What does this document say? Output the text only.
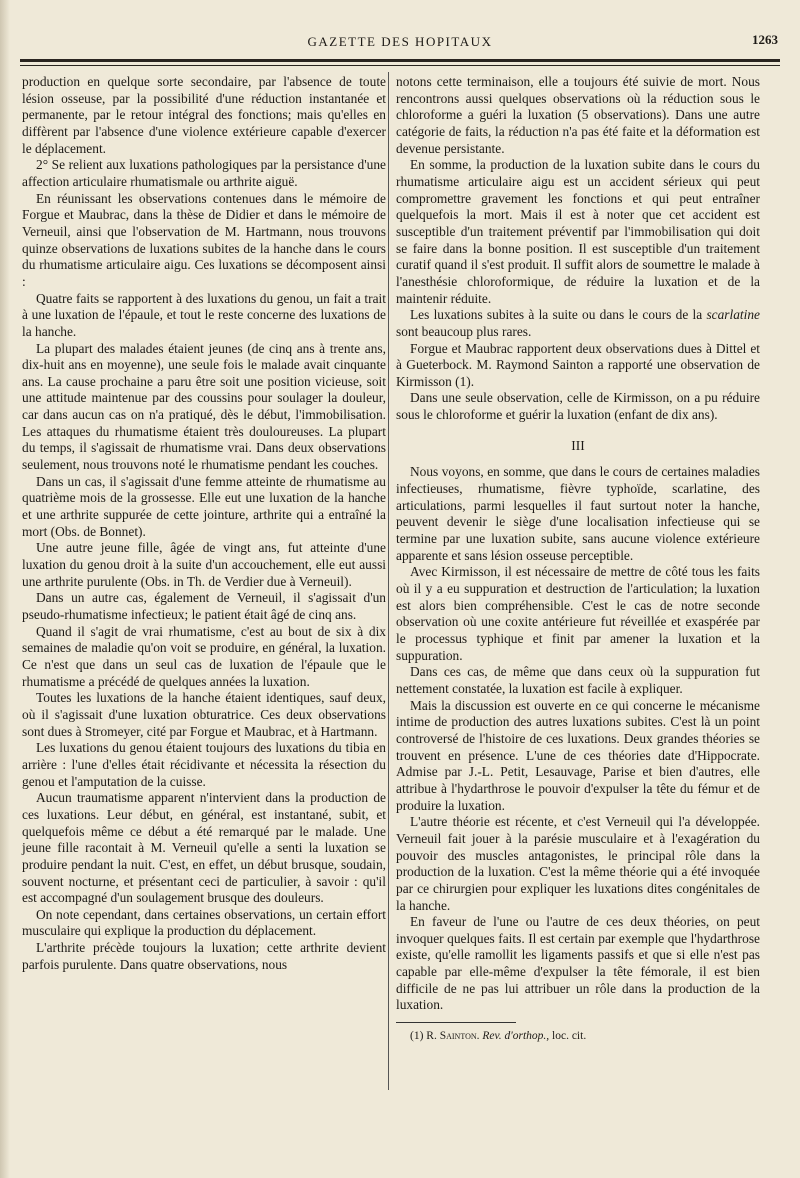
GAZETTE DES HOPITAUX	1263

production en quelque sorte secondaire, par l'absence de toute lésion osseuse, par la possibilité d'une réduction instantanée et permanente, par le retour intégral des fonctions; mais qu'elles en diffèrent par l'absence d'une violence extérieure capable d'exercer le déplacement.

2° Se relient aux luxations pathologiques par la persistance d'une affection articulaire rhumatismale ou arthrite aiguë.

En réunissant les observations contenues dans le mémoire de Forgue et Maubrac, dans la thèse de Didier et dans le mémoire de Verneuil, ainsi que l'observation de M. Hartmann, nous trouvons quinze observations de luxations subites de la hanche dans le cours du rhumatisme articulaire aigu. Ces luxations se décomposent ainsi :

Quatre faits se rapportent à des luxations du genou, un fait a trait à une luxation de l'épaule, et tout le reste concerne des luxations de la hanche.

La plupart des malades étaient jeunes (de cinq ans à trente ans, dix-huit ans en moyenne), une seule fois le malade avait cinquante ans. La cause prochaine a paru être soit une position vicieuse, soit une attitude maintenue par des coussins pour soulager la douleur, car dans aucun cas on n'a pratiqué, dès le début, l'immobilisation. Les attaques du rhumatisme étaient très douloureuses. La plupart du temps, il s'agissait de rhumatisme vrai. Dans deux observations seulement, nous trouvons noté le rhumatisme pendant les couches.

Dans un cas, il s'agissait d'une femme atteinte de rhumatisme au quatrième mois de la grossesse. Elle eut une luxation de la hanche et une arthrite suppurée de cette jointure, arthrite qui a entraîné la mort (Obs. de Bonnet).

Une autre jeune fille, âgée de vingt ans, fut atteinte d'une luxation du genou droit à la suite d'un accouchement, elle eut aussi une arthrite purulente (Obs. in Th. de Verdier due à Verneuil).

Dans un autre cas, également de Verneuil, il s'agissait d'un pseudo-rhumatisme infectieux; le patient était âgé de cinq ans.

Quand il s'agit de vrai rhumatisme, c'est au bout de six à dix semaines de maladie qu'on voit se produire, en général, la luxation. Ce n'est que dans un seul cas de luxation de l'épaule que le rhumatisme a précédé de quelques années la luxation.

Toutes les luxations de la hanche étaient identiques, sauf deux, où il s'agissait d'une luxation obturatrice. Ces deux observations sont dues à Stromeyer, cité par Forgue et Maubrac, et à Hartmann.

Les luxations du genou étaient toujours des luxations du tibia en arrière : l'une d'elles était récidivante et nécessita la résection du genou et l'amputation de la cuisse.

Aucun traumatisme apparent n'intervient dans la production de ces luxations. Leur début, en général, est instantané, subit, et quelquefois même ce début a été remarqué par le malade. Une jeune fille racontait à M. Verneuil qu'elle a senti la luxation se produire pendant la nuit. C'est, en effet, un début brusque, soudain, souvent nocturne, et présentant ceci de particulier, à savoir : qu'il est accompagné d'un soulagement brusque des douleurs.

On note cependant, dans certaines observations, un certain effort musculaire qui explique la production du déplacement.

L'arthrite précède toujours la luxation; cette arthrite devient parfois purulente. Dans quatre observations, nous

notons cette terminaison, elle a toujours été suivie de mort. Nous rencontrons aussi quelques observations où la réduction sous le chloroforme a guéri la luxation (5 observations). Dans une autre catégorie de faits, la réduction n'a pas été faite et la déformation est devenue persistante.

En somme, la production de la luxation subite dans le cours du rhumatisme articulaire aigu est un accident sérieux qui peut compromettre gravement les fonctions et qui peut entraîner quelquefois la mort. Mais il est à noter que cet accident est susceptible d'un traitement préventif par l'immobilisation qui doit se faire dans la bonne position. Il est susceptible d'un traitement curatif quand il s'est produit. Il suffit alors de soumettre le malade à l'anesthésie chloroformique, de réduire la luxation et de la maintenir réduite.

Les luxations subites à la suite ou dans le cours de la scarlatine sont beaucoup plus rares.

Forgue et Maubrac rapportent deux observations dues à Dittel et à Gueterbock. M. Raymond Sainton a rapporté une observation de Kirmisson (1).

Dans une seule observation, celle de Kirmisson, on a pu réduire sous le chloroforme et guérir la luxation (enfant de dix ans).

III

Nous voyons, en somme, que dans le cours de certaines maladies infectieuses, rhumatisme, fièvre typhoïde, scarlatine, des articulations, parmi lesquelles il faut surtout noter la hanche, peuvent devenir le siège d'une localisation infectieuse qui se termine par une luxation subite, sans aucune violence extérieure apparente et sans lésion osseuse perceptible.

Avec Kirmisson, il est nécessaire de mettre de côté tous les faits où il y a eu suppuration et destruction de l'articulation; la luxation est alors bien compréhensible. C'est le cas de notre seconde observation où une coxite antérieure fut réveillée et exaspérée par le processus typhique et finit par amener la luxation et la suppuration.

Dans ces cas, de même que dans ceux où la suppuration fut nettement constatée, la luxation est facile à expliquer.

Mais la discussion est ouverte en ce qui concerne le mécanisme intime de production des autres luxations subites. C'est là un point controversé de l'histoire de ces luxations. Deux grandes théories se trouvent en présence. L'une de ces théories date d'Hippocrate. Admise par J.-L. Petit, Lesauvage, Parise et bien d'autres, elle attribue à l'hydarthrose le pouvoir d'expulser la tête du fémur et de produire la luxation.

L'autre théorie est récente, et c'est Verneuil qui l'a développée. Verneuil fait jouer à la parésie musculaire et à l'exagération du pouvoir des muscles antagonistes, le principal rôle dans la production de la luxation. C'est la même théorie qui a été invoquée par ce chirurgien pour expliquer les luxations dites congénitales de la hanche.

En faveur de l'une ou l'autre de ces deux théories, on peut invoquer quelques faits. Il est certain par exemple que l'hydarthrose existe, qu'elle ramollit les ligaments passifs et que si elle n'est pas capable par elle-même d'expulser la tête fémorale, il est bien difficile de ne pas lui attribuer un rôle dans la production de la luxation.

(1) R. Sainton. Rev. d'orthop., loc. cit.
